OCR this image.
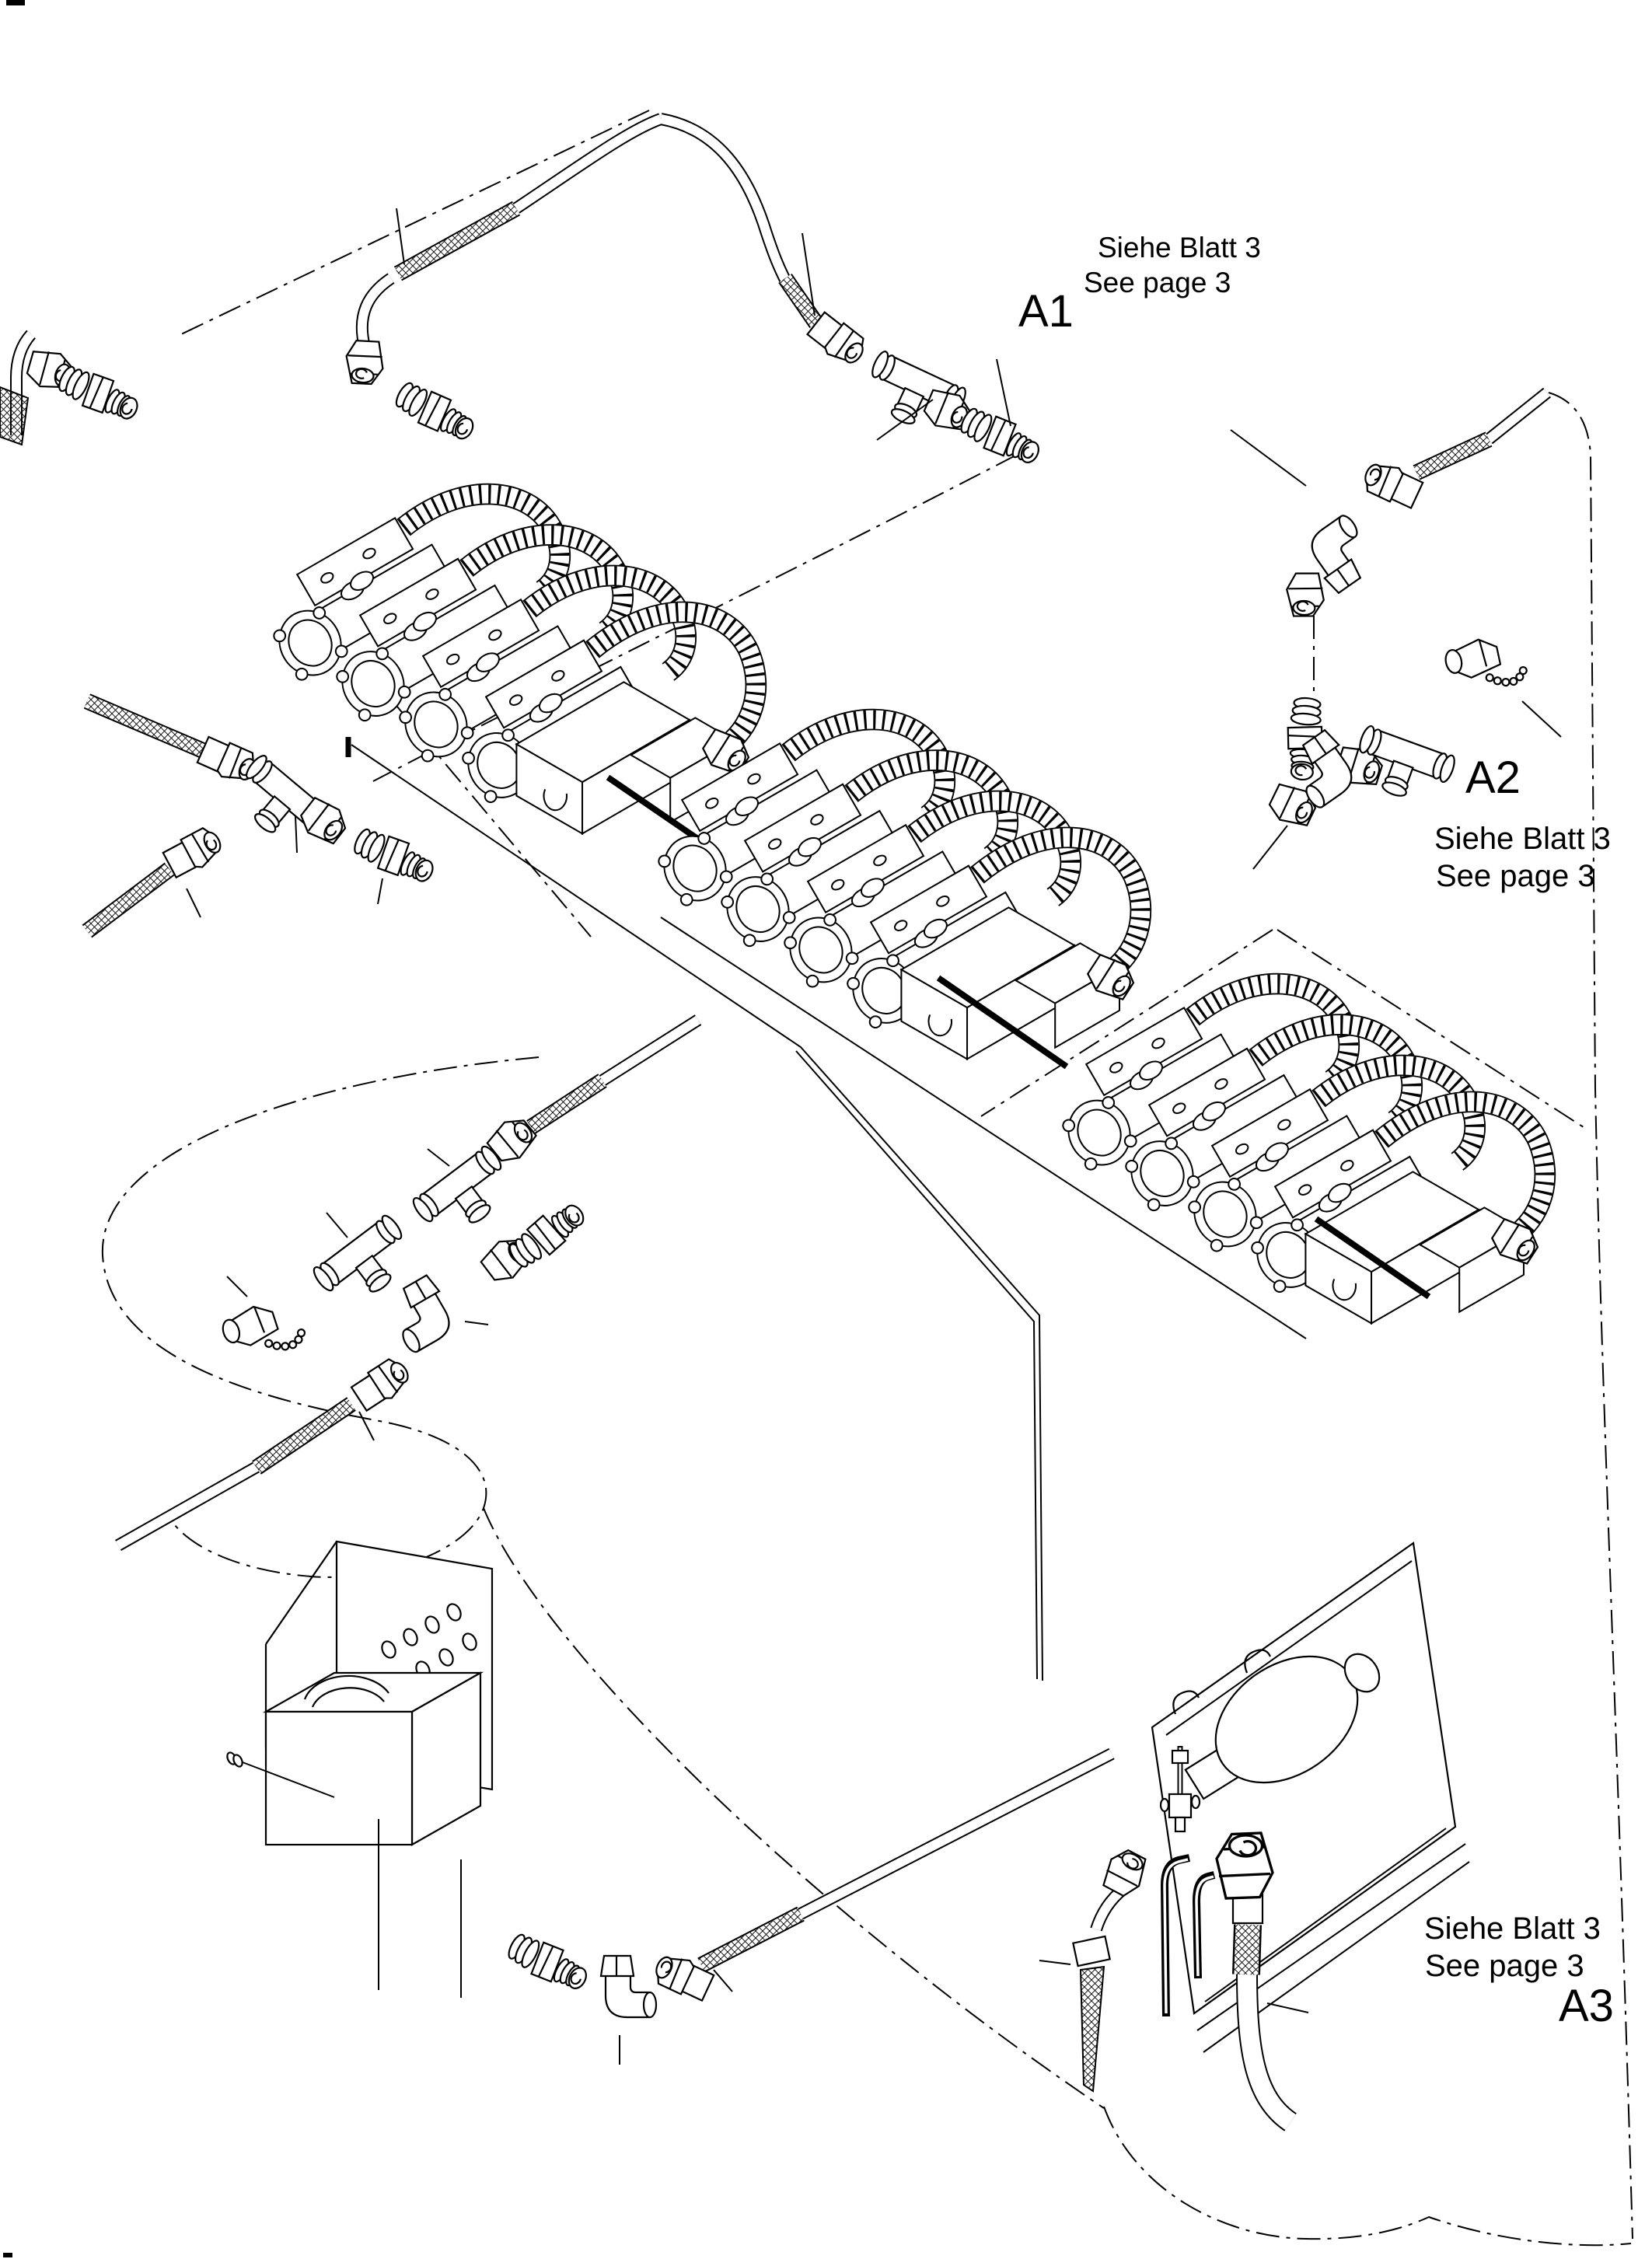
Siehe Blatt 3
See page 3
A1
A2
Siehe Blatt 3
See page 3
Siehe Blatt 3
See page 3
A3
